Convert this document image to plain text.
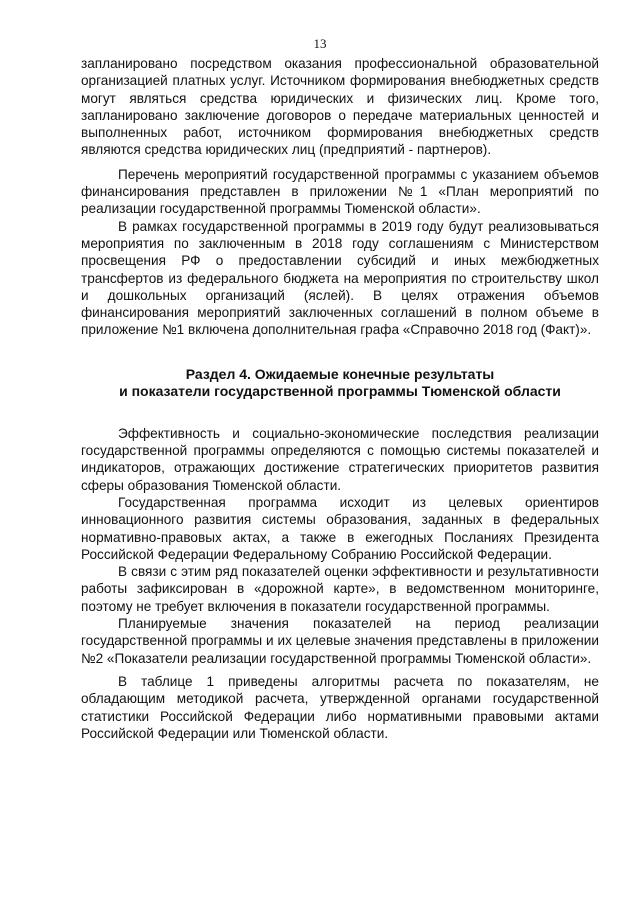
13

запланировано посредством оказания профессиональной образовательной организацией платных услуг. Источником формирования внебюджетных средств могут являться средства юридических и физических лиц. Кроме того, запланировано заключение договоров о передаче материальных ценностей и выполненных работ, источником формирования внебюджетных средств являются средства юридических лиц (предприятий - партнеров).

Перечень мероприятий государственной программы с указанием объемов финансирования представлен в приложении №1 «План мероприятий по реализации государственной программы Тюменской области».

В рамках государственной программы в 2019 году будут реализовываться мероприятия по заключенным в 2018 году соглашениям с Министерством просвещения РФ о предоставлении субсидий и иных межбюджетных трансфертов из федерального бюджета на мероприятия по строительству школ и дошкольных организаций (яслей). В целях отражения объемов финансирования мероприятий заключенных соглашений в полном объеме в приложение №1 включена дополнительная графа «Справочно 2018 год (Факт)».

Раздел 4. Ожидаемые конечные результаты
и показатели государственной программы Тюменской области

Эффективность и социально-экономические последствия реализации государственной программы определяются с помощью системы показателей и индикаторов, отражающих достижение стратегических приоритетов развития сферы образования Тюменской области.

Государственная программа исходит из целевых ориентиров инновационного развития системы образования, заданных в федеральных нормативно-правовых актах, а также в ежегодных Посланиях Президента Российской Федерации Федеральному Собранию Российской Федерации.

В связи с этим ряд показателей оценки эффективности и результативности работы зафиксирован в «дорожной карте», в ведомственном мониторинге, поэтому не требует включения в показатели государственной программы.

Планируемые значения показателей на период реализации государственной программы и их целевые значения представлены в приложении №2 «Показатели реализации государственной программы Тюменской области».

В таблице 1 приведены алгоритмы расчета по показателям, не обладающим методикой расчета, утвержденной органами государственной статистики Российской Федерации либо нормативными правовыми актами Российской Федерации или Тюменской области.
